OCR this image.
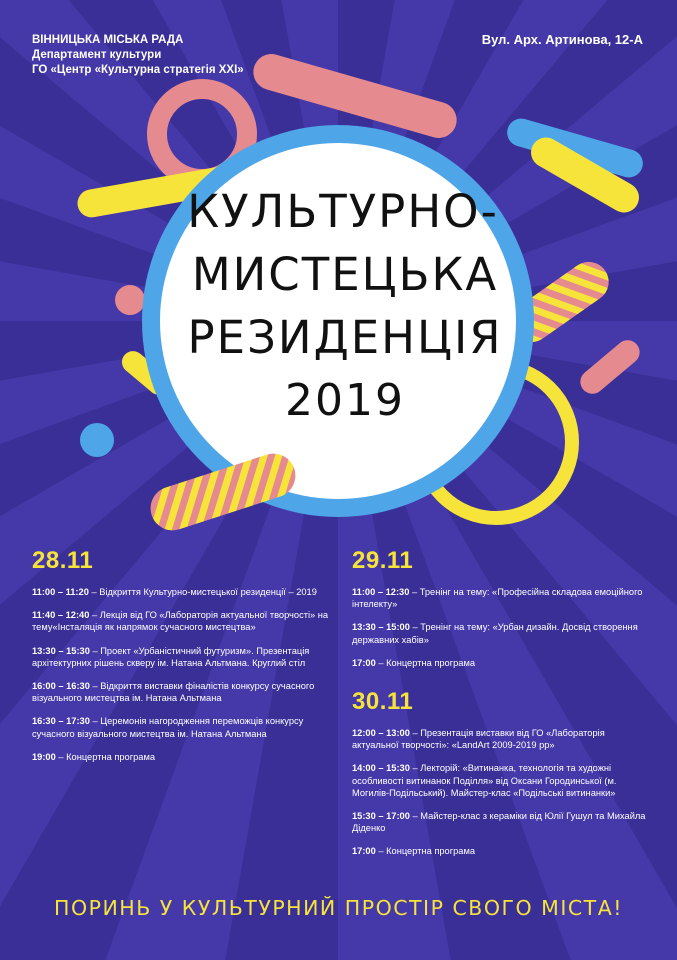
ВІННИЦЬКА МІСЬКА РАДА
Департамент культури
ГО «Центр «Культурна стратегія ХХІ»
Вул. Арх. Артинова, 12-А
КУЛЬТУРНО-
МИСТЕЦЬКА
РЕЗИДЕНЦІЯ
2019
28.11
11:00 – 11:20 – Відкриття Культурно-мистецької резиденції – 2019
11:40 – 12:40 – Лекція від ГО «Лабораторія актуальної творчості» на тему«Інсталяція як напрямок сучасного мистецтва»
13:30 – 15:30 – Проект «Урбаністичний футуризм». Презентація архітектурних рішень скверу ім. Натана Альтмана. Круглий стіл
16:00 – 16:30 – Відкриття виставки фіналістів конкурсу сучасного візуального мистецтва ім. Натана Альтмана
16:30 – 17:30 – Церемонія нагородження переможців конкурсу сучасного візуального мистецтва ім. Натана Альтмана
19:00 – Концертна програма
29.11
11:00 – 12:30 – Тренінг на тему: «Професійна складова емоційного інтелекту»
13:30 – 15:00 – Тренінг на тему: «Урбан дизайн. Досвід створення державних хабів»
17:00 – Концертна програма
30.11
12:00 – 13:00 – Презентація виставки від ГО «Лабораторія актуальної творчості»: «LandArt 2009-2019 рр»
14:00 – 15:30 – Лекторій: «Витинанка, технологія та художні особливості витинанок Поділля» від Оксани Городинської (м. Могилів-Подільський). Майстер-клас «Подільські витинанки»
15:30 – 17:00 – Майстер-клас з кераміки від Юлії Гушул та Михайла Діденко
17:00 – Концертна програма
ПОРИНЬ У КУЛЬТУРНИЙ ПРОСТІР СВОГО МІСТА!
